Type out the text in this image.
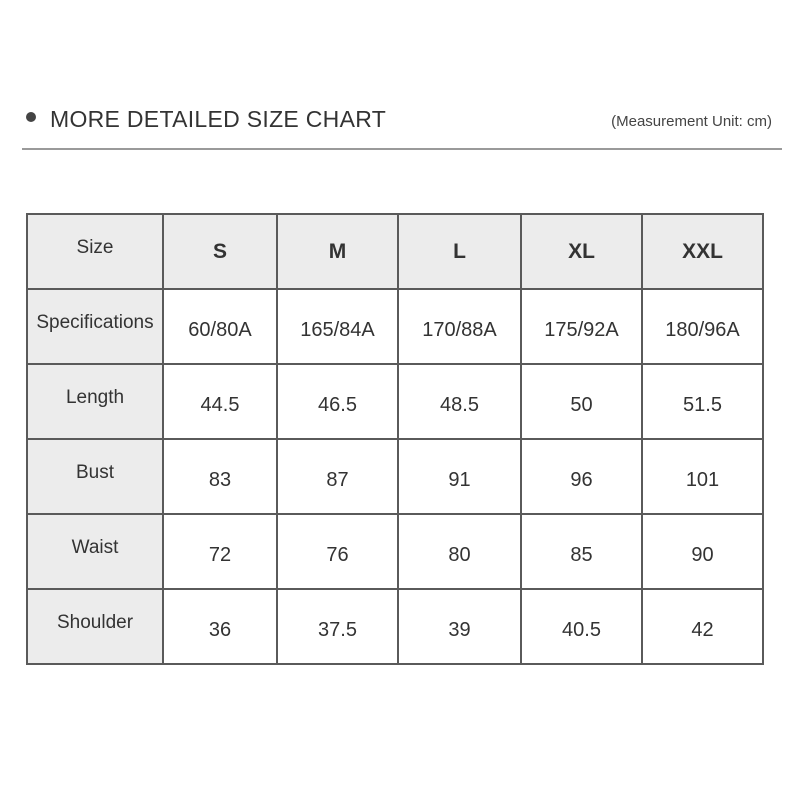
MORE DETAILED SIZE CHART	(Measurement Unit: cm)
Size	S	M	L	XL	XXL
Specifications	60/80A	165/84A	170/88A	175/92A	180/96A
Length	44.5	46.5	48.5	50	51.5
Bust	83	87	91	96	101
Waist	72	76	80	85	90
Shoulder	36	37.5	39	40.5	42
